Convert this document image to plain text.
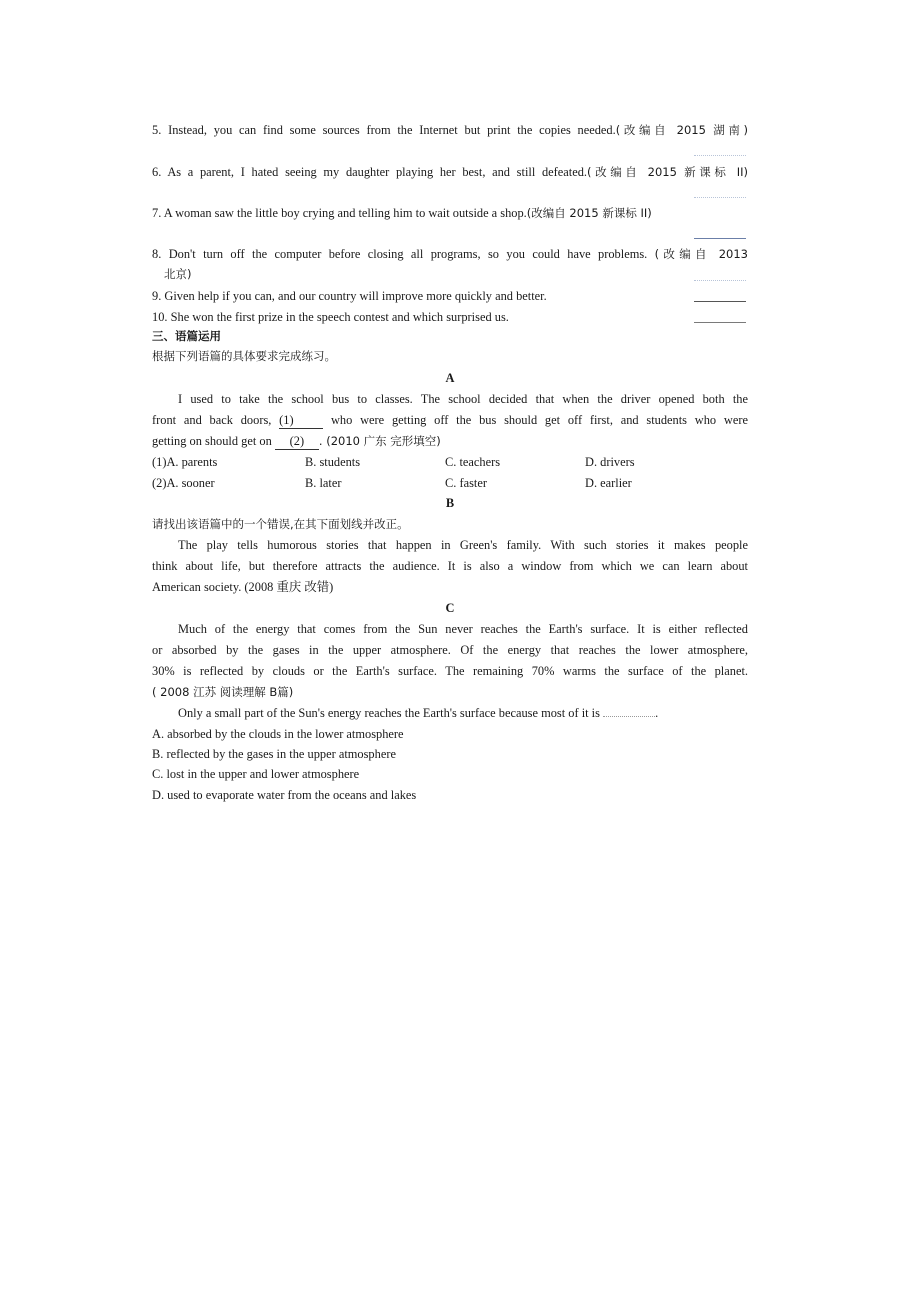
5. Instead, you can find some sources from the Internet but print the copies needed.(改编自 2015 湖南)
6. As a parent, I hated seeing my daughter playing her best, and still defeated.(改编自 2015 新课标 II)
7. A woman saw the little boy crying and telling him to wait outside a shop.(改编自 2015 新课标 II)
8. Don't turn off the computer before closing all programs, so you could have problems. (改编自 2013
北京)
9. Given help if you can, and our country will improve more quickly and better.
10. She won the first prize in the speech contest and which surprised us.
三、语篇运用
根据下列语篇的具体要求完成练习。
A
I used to take the school bus to classes. The school decided that when the driver opened both the
front and back doors, (1)	who were getting off the bus should get off first, and students who were
getting on should get on (2) . (2010 广东 完形填空)
(1)A. parents	B. students	C. teachers	D. drivers
(2)A. sooner	B. later	C. faster	D. earlier
B
请找出该语篇中的一个错误,在其下面划线并改正。
The play tells humorous stories that happen in Green's family. With such stories it makes people
think about life, but therefore attracts the audience. It is also a window from which we can learn about
American society. (2008 重庆 改错)
C
Much of the energy that comes from the Sun never reaches the Earth's surface. It is either reflected
or absorbed by the gases in the upper atmosphere. Of the energy that reaches the lower atmosphere,
30% is reflected by clouds or the Earth's surface. The remaining 70% warms the surface of the planet.
( 2008 江苏 阅读理解 B篇)
Only a small part of the Sun's energy reaches the Earth's surface because most of it is	.
A. absorbed by the clouds in the lower atmosphere
B. reflected by the gases in the upper atmosphere
C. lost in the upper and lower atmosphere
D. used to evaporate water from the oceans and lakes
